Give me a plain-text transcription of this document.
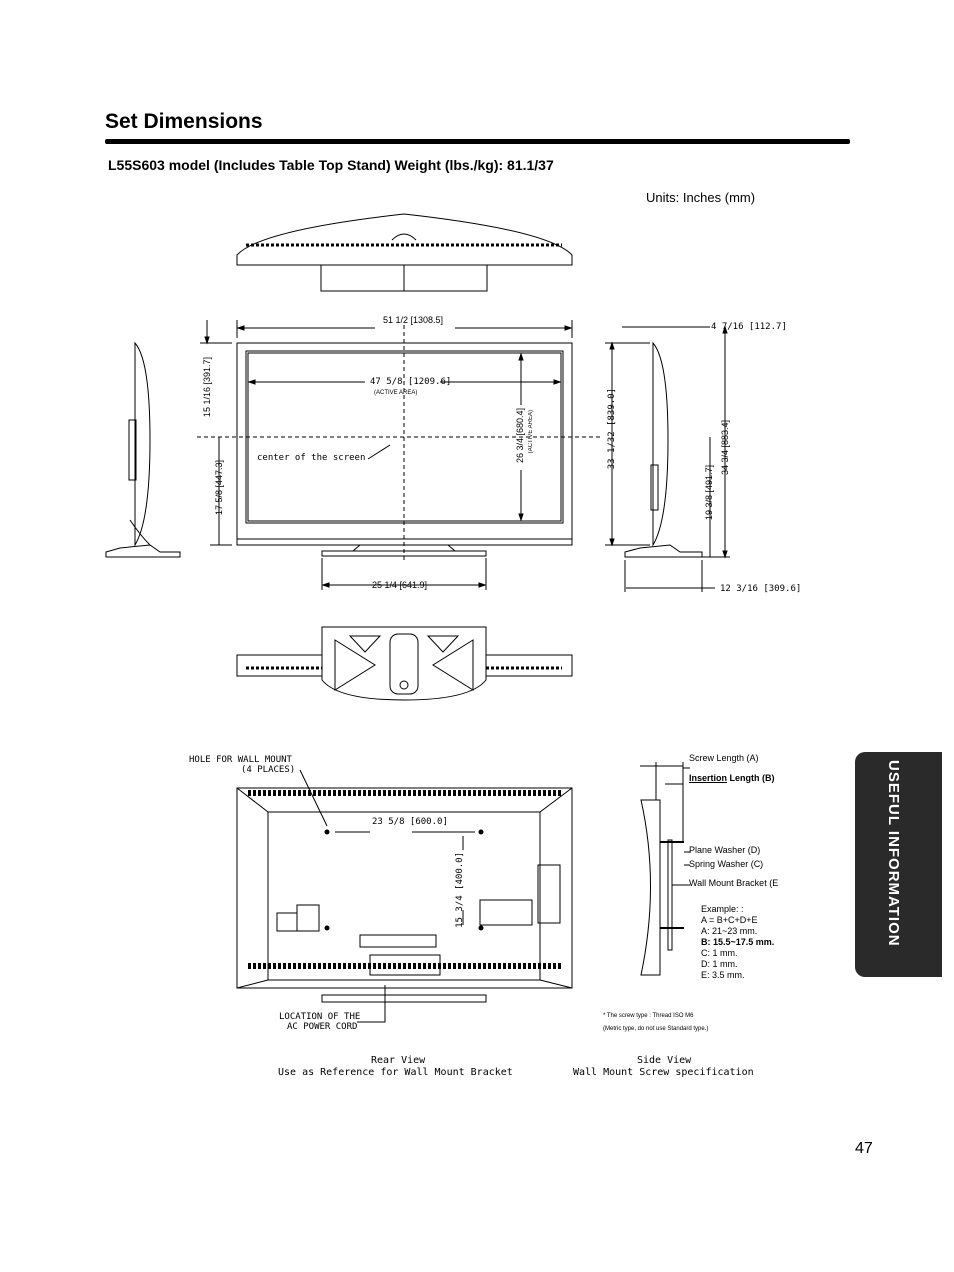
Set Dimensions
L55S603 model (Includes Table Top Stand) Weight (lbs./kg): 81.1/37
Units: Inches (mm)
51 1/2 [1308.5]
47 5/8 [1209.6]
(ACTIVE AREA)
26 3/4 [680.4] (ACTIVE AREA)
center of the screen
15 1/16 [391.7]
17 5/8 [447.3]
25 1/4 [641.9]
4 7/16 [112.7]
33 1/32 [839.0]	34 3/4 [883.4]
19 3/8 [491.7]
12 3/16 [309.6]
HOLE FOR WALL MOUNT
(4 PLACES)
23 5/8 [600.0]
15 3/4 [400.0]
LOCATION OF THE
AC POWER CORD
Rear View
Use as Reference for Wall Mount Bracket
Screw Length (A)
Insertion Length (B)
Plane Washer (D)
Spring Washer (C)
Wall Mount Bracket (E
Example: :
A = B+C+D+E
A: 21~23 mm.
B: 15.5~17.5 mm.
C: 1 mm.
D: 1 mm.
E: 3.5 mm.
* The screw type : Thread ISO M6
(Metric type, do not use Standard type.)
Side View
Wall Mount Screw specification
USEFUL INFORMATION
47
